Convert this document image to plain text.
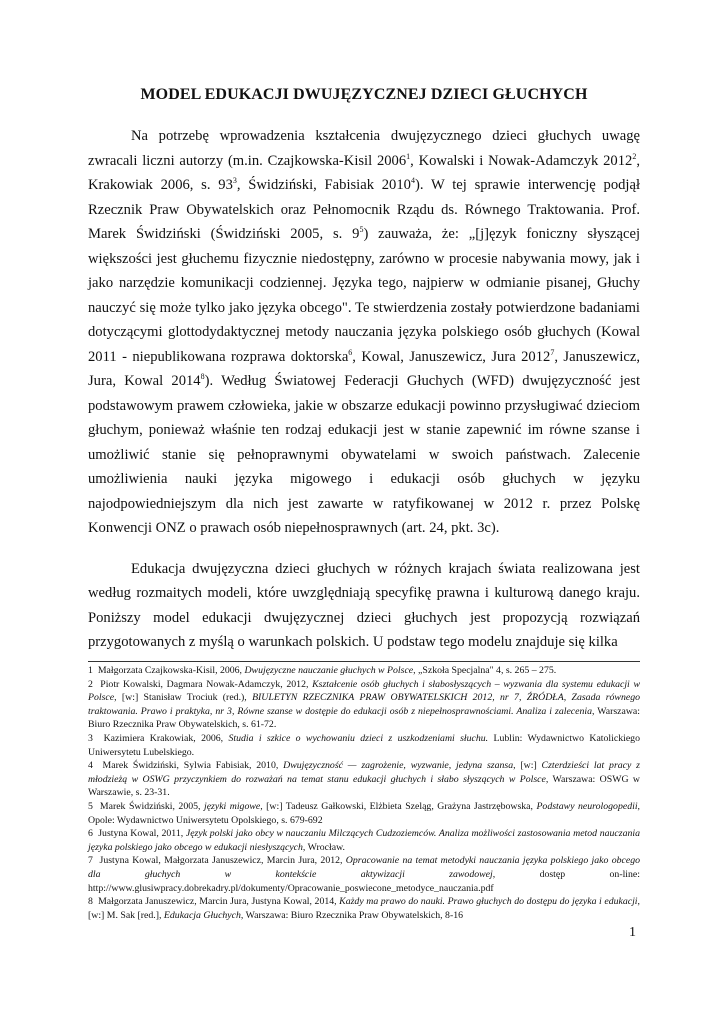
MODEL EDUKACJI DWUJĘZYCZNEJ DZIECI GŁUCHYCH

Na potrzebę wprowadzenia kształcenia dwujęzycznego dzieci głuchych uwagę zwracali liczni autorzy (m.in. Czajkowska-Kisil 2006$^1$, Kowalski i Nowak-Adamczyk 2012$^2$, Krakowiak 2006, s. $93^3$, Świdziński, Fabisiak 2010$^4$). W tej sprawie interwencję podjął Rzecznik Praw Obywatelskich oraz Pełnomocnik Rządu ds. Równego Traktowania. Prof. Marek Świdziński (Świdziński 2005, s. $9^5$) zauważa, że: „[j]ęzyk foniczny słyszącej większości jest głuchemu fizycznie niedostępny, zarówno w procesie nabywania mowy, jak i jako narzędzie komunikacji codziennej. Języka tego, najpierw w odmianie pisanej, Głuchy nauczyć się może tylko jako języka obcego". Te stwierdzenia zostały potwierdzone badaniami dotyczącymi glottodydaktycznej metody nauczania języka polskiego osób głuchych (Kowal 2011 - niepublikowana rozprawa doktorska$^6$, Kowal, Januszewicz, Jura 2012$^7$, Januszewicz, Jura, Kowal 2014$^8$). Według Światowej Federacji Głuchych (WFD) dwujęzyczność jest podstawowym prawem człowieka, jakie w obszarze edukacji powinno przysługiwać dzieciom głuchym, ponieważ właśnie ten rodzaj edukacji jest w stanie zapewnić im równe szanse i umożliwić stanie się pełnoprawnymi obywatelami w swoich państwach. Zalecenie umożliwienia nauki języka migowego i edukacji osób głuchych w języku najodpowiedniejszym dla nich jest zawarte w ratyfikowanej w 2012 r. przez Polskę Konwencji ONZ o prawach osób niepełnosprawnych (art. 24, pkt. 3c).

Edukacja dwujęzyczna dzieci głuchych w różnych krajach świata realizowana jest według rozmaitych modeli, które uwzględniają specyfikę prawna i kulturową danego kraju. Poniższy model edukacji dwujęzycznej dzieci głuchych jest propozycją rozwiązań przygotowanych z myślą o warunkach polskich. U podstaw tego modelu znajduje się kilka

1 Małgorzata Czajkowska-Kisil, 2006, Dwujęzyczne nauczanie głuchych w Polsce, „Szkoła Specjalna" 4, s. 265 – 275.
2 Piotr Kowalski, Dagmara Nowak-Adamczyk, 2012, Kształcenie osób głuchych i słabosłyszących – wyzwania dla systemu edukacji w Polsce, [w:] Stanisław Trociuk (red.), BIULETYN RZECZNIKA PRAW OBYWATELSKICH 2012, nr 7, ŹRÓDŁA, Zasada równego traktowania. Prawo i praktyka, nr 3, Równe szanse w dostępie do edukacji osób z niepełnosprawnościami. Analiza i zalecenia, Warszawa: Biuro Rzecznika Praw Obywatelskich, s. 61-72.
3 Kazimiera Krakowiak, 2006, Studia i szkice o wychowaniu dzieci z uszkodzeniami słuchu. Lublin: Wydawnictwo Katolickiego Uniwersytetu Lubelskiego.
4 Marek Świdziński, Sylwia Fabisiak, 2010, Dwujęzyczność — zagrożenie, wyzwanie, jedyna szansa, [w:] Czterdzieści lat pracy z młodzieżą w OSWG przyczynkiem do rozważań na temat stanu edukacji głuchych i słabo słyszących w Polsce, Warszawa: OSWG w Warszawie, s. 23-31.
5 Marek Świdziński, 2005, języki migowe, [w:] Tadeusz Gałkowski, Elżbieta Szeląg, Grażyna Jastrzębowska, Podstawy neurologopedii, Opole: Wydawnictwo Uniwersytetu Opolskiego, s. 679-692
6 Justyna Kowal, 2011, Język polski jako obcy w nauczaniu Milczących Cudzoziemców. Analiza możliwości zastosowania metod nauczania języka polskiego jako obcego w edukacji niesłyszących, Wrocław.
7 Justyna Kowal, Małgorzata Januszewicz, Marcin Jura, 2012, Opracowanie na temat metodyki nauczania języka polskiego jako obcego dla głuchych w kontekście aktywizacji zawodowej, dostęp on-line: http://www.glusiwpracy.dobrekadry.pl/dokumenty/Opracowanie_poswiecone_metodyce_nauczania.pdf
8 Małgorzata Januszewicz, Marcin Jura, Justyna Kowal, 2014, Każdy ma prawo do nauki. Prawo głuchych do dostępu do języka i edukacji, [w:] M. Sak [red.], Edukacja Głuchych, Warszawa: Biuro Rzecznika Praw Obywatelskich, 8-16
1
